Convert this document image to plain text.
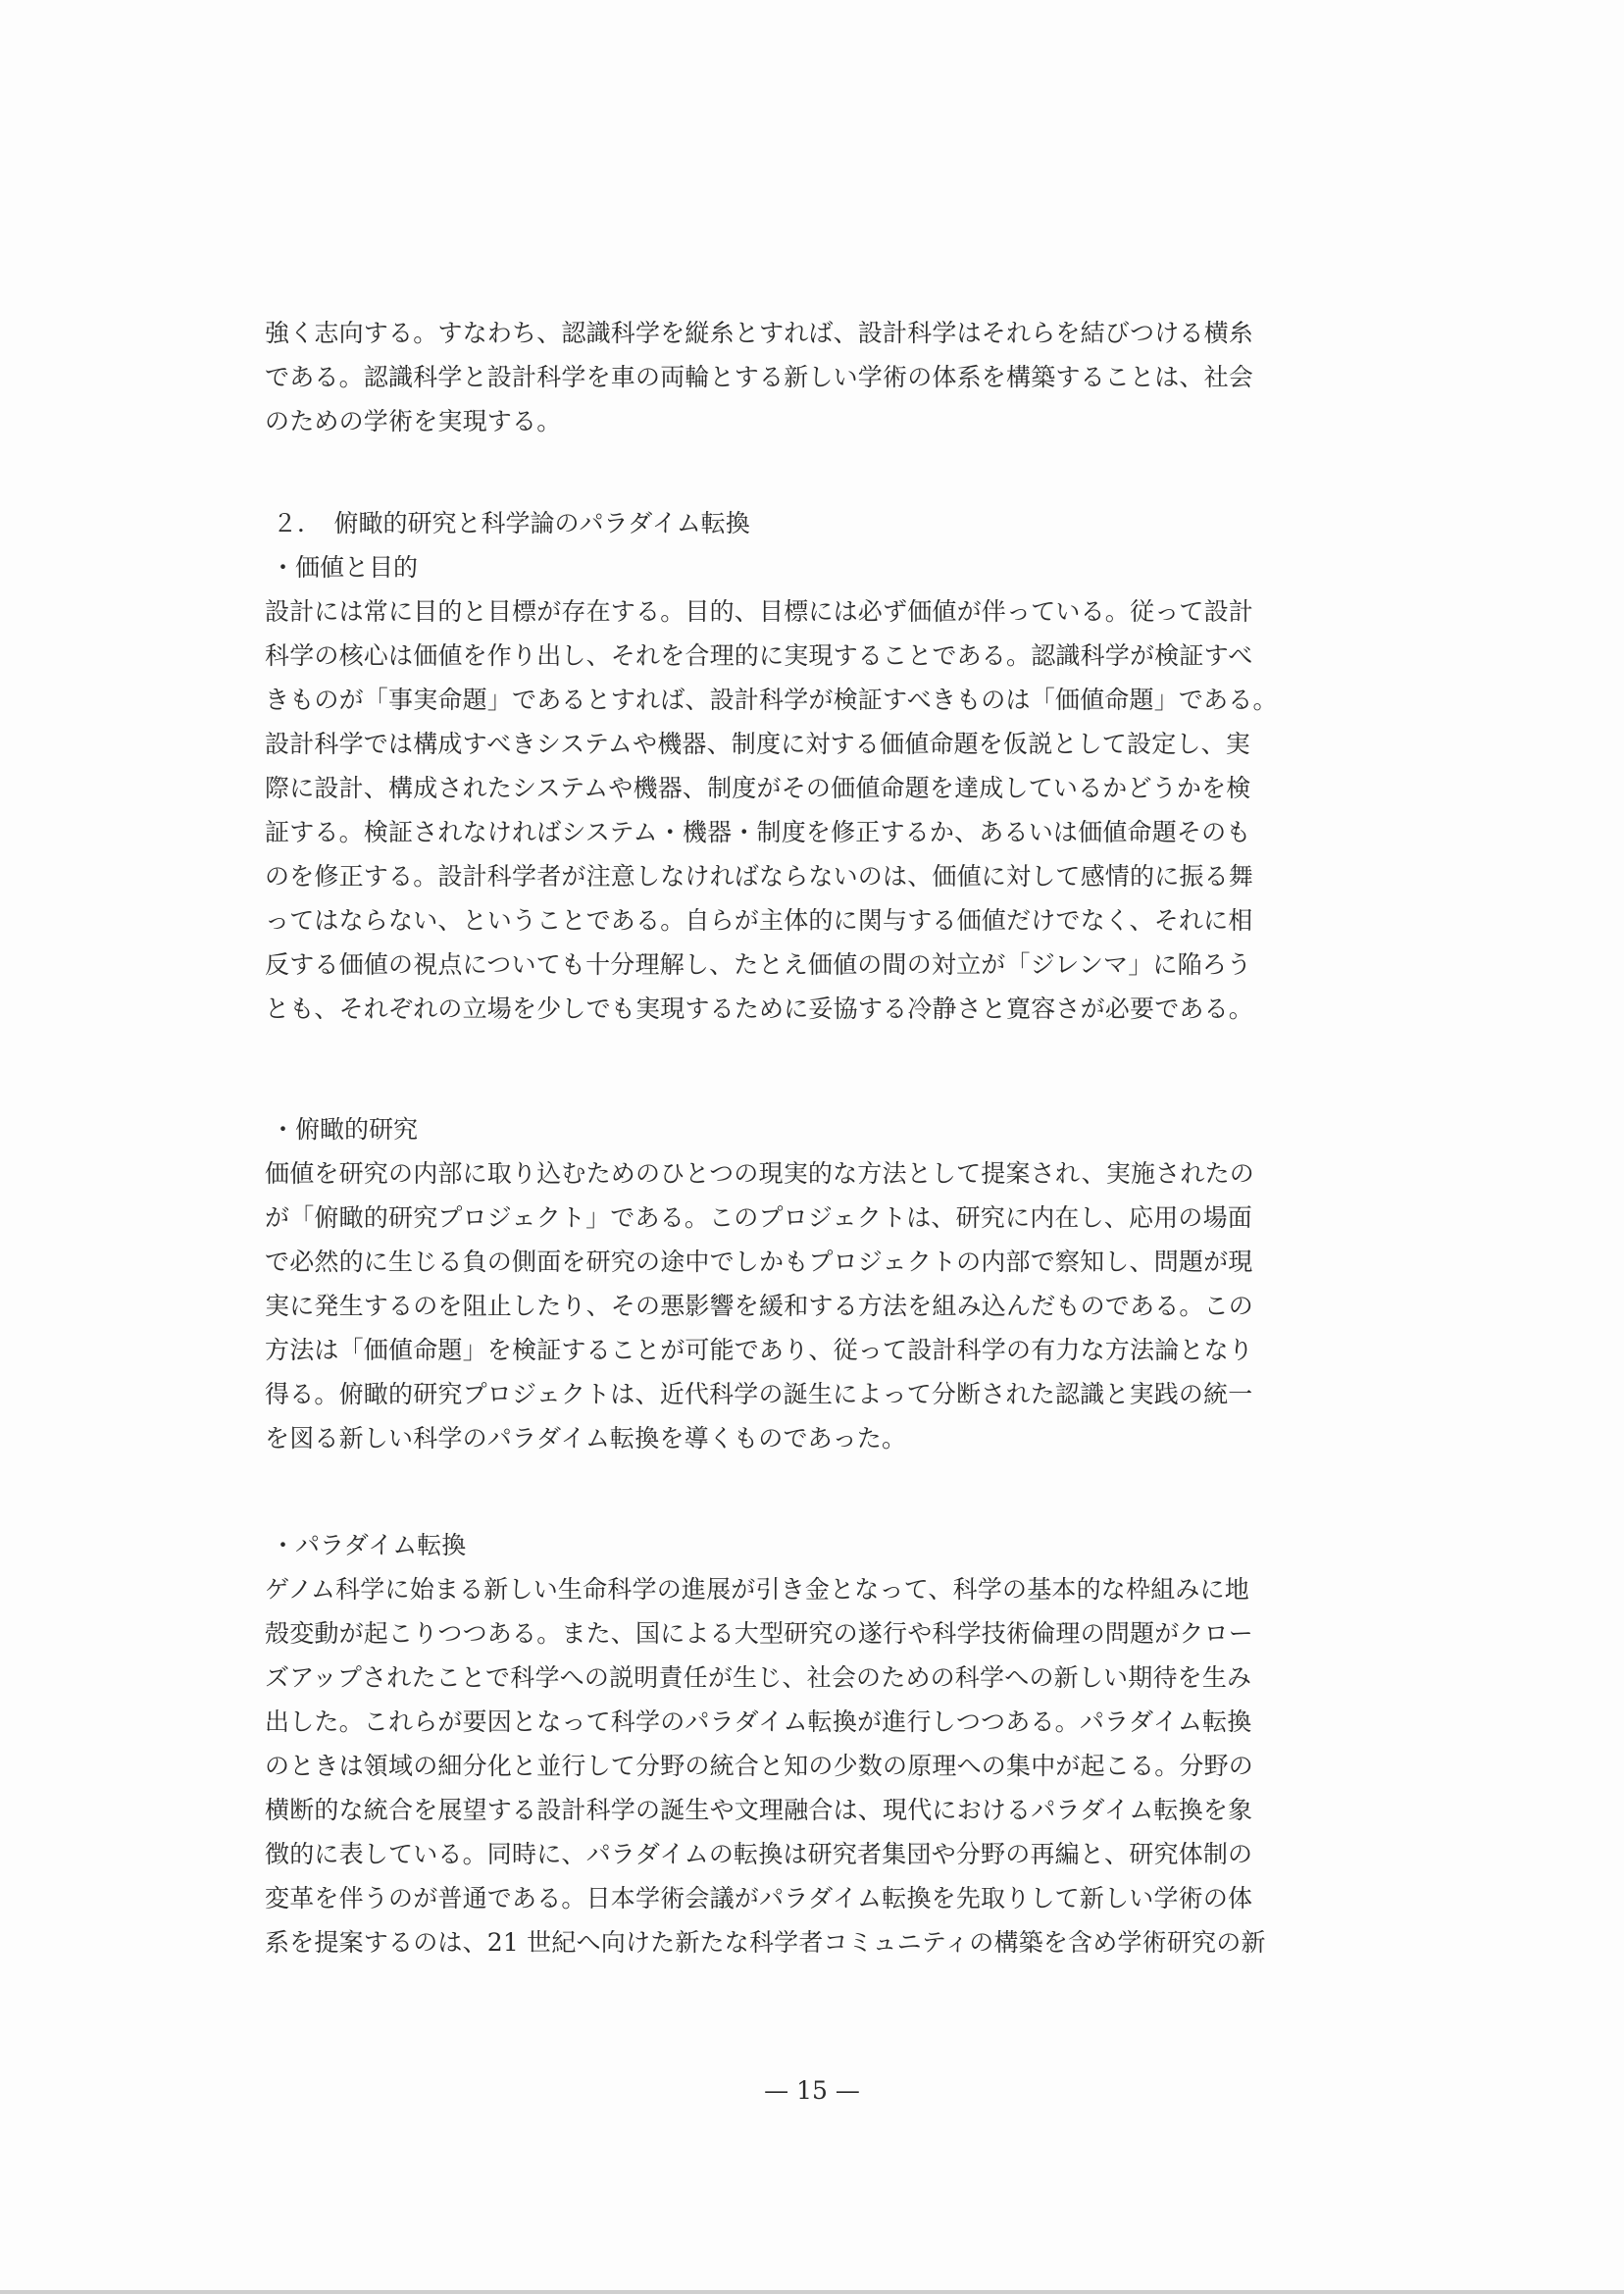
強く志向する。すなわち、認識科学を縦糸とすれば、設計科学はそれらを結びつける横糸
である。認識科学と設計科学を車の両輪とする新しい学術の体系を構築することは、社会
のための学術を実現する。
２．　俯瞰的研究と科学論のパラダイム転換
・価値と目的
設計には常に目的と目標が存在する。目的、目標には必ず価値が伴っている。従って設計
科学の核心は価値を作り出し、それを合理的に実現することである。認識科学が検証すべ
きものが「事実命題」であるとすれば、設計科学が検証すべきものは「価値命題」である。
設計科学では構成すべきシステムや機器、制度に対する価値命題を仮説として設定し、実
際に設計、構成されたシステムや機器、制度がその価値命題を達成しているかどうかを検
証する。検証されなければシステム・機器・制度を修正するか、あるいは価値命題そのも
のを修正する。設計科学者が注意しなければならないのは、価値に対して感情的に振る舞
ってはならない、ということである。自らが主体的に関与する価値だけでなく、それに相
反する価値の視点についても十分理解し、たとえ価値の間の対立が「ジレンマ」に陥ろう
とも、それぞれの立場を少しでも実現するために妥協する冷静さと寛容さが必要である。
・俯瞰的研究
価値を研究の内部に取り込むためのひとつの現実的な方法として提案され、実施されたの
が「俯瞰的研究プロジェクト」である。このプロジェクトは、研究に内在し、応用の場面
で必然的に生じる負の側面を研究の途中でしかもプロジェクトの内部で察知し、問題が現
実に発生するのを阻止したり、その悪影響を緩和する方法を組み込んだものである。この
方法は「価値命題」を検証することが可能であり、従って設計科学の有力な方法論となり
得る。俯瞰的研究プロジェクトは、近代科学の誕生によって分断された認識と実践の統一
を図る新しい科学のパラダイム転換を導くものであった。
・パラダイム転換
ゲノム科学に始まる新しい生命科学の進展が引き金となって、科学の基本的な枠組みに地
殻変動が起こりつつある。また、国による大型研究の遂行や科学技術倫理の問題がクロー
ズアップされたことで科学への説明責任が生じ、社会のための科学への新しい期待を生み
出した。これらが要因となって科学のパラダイム転換が進行しつつある。パラダイム転換
のときは領域の細分化と並行して分野の統合と知の少数の原理への集中が起こる。分野の
横断的な統合を展望する設計科学の誕生や文理融合は、現代におけるパラダイム転換を象
徴的に表している。同時に、パラダイムの転換は研究者集団や分野の再編と、研究体制の
変革を伴うのが普通である。日本学術会議がパラダイム転換を先取りして新しい学術の体
系を提案するのは、21 世紀へ向けた新たな科学者コミュニティの構築を含め学術研究の新
— 15 —
